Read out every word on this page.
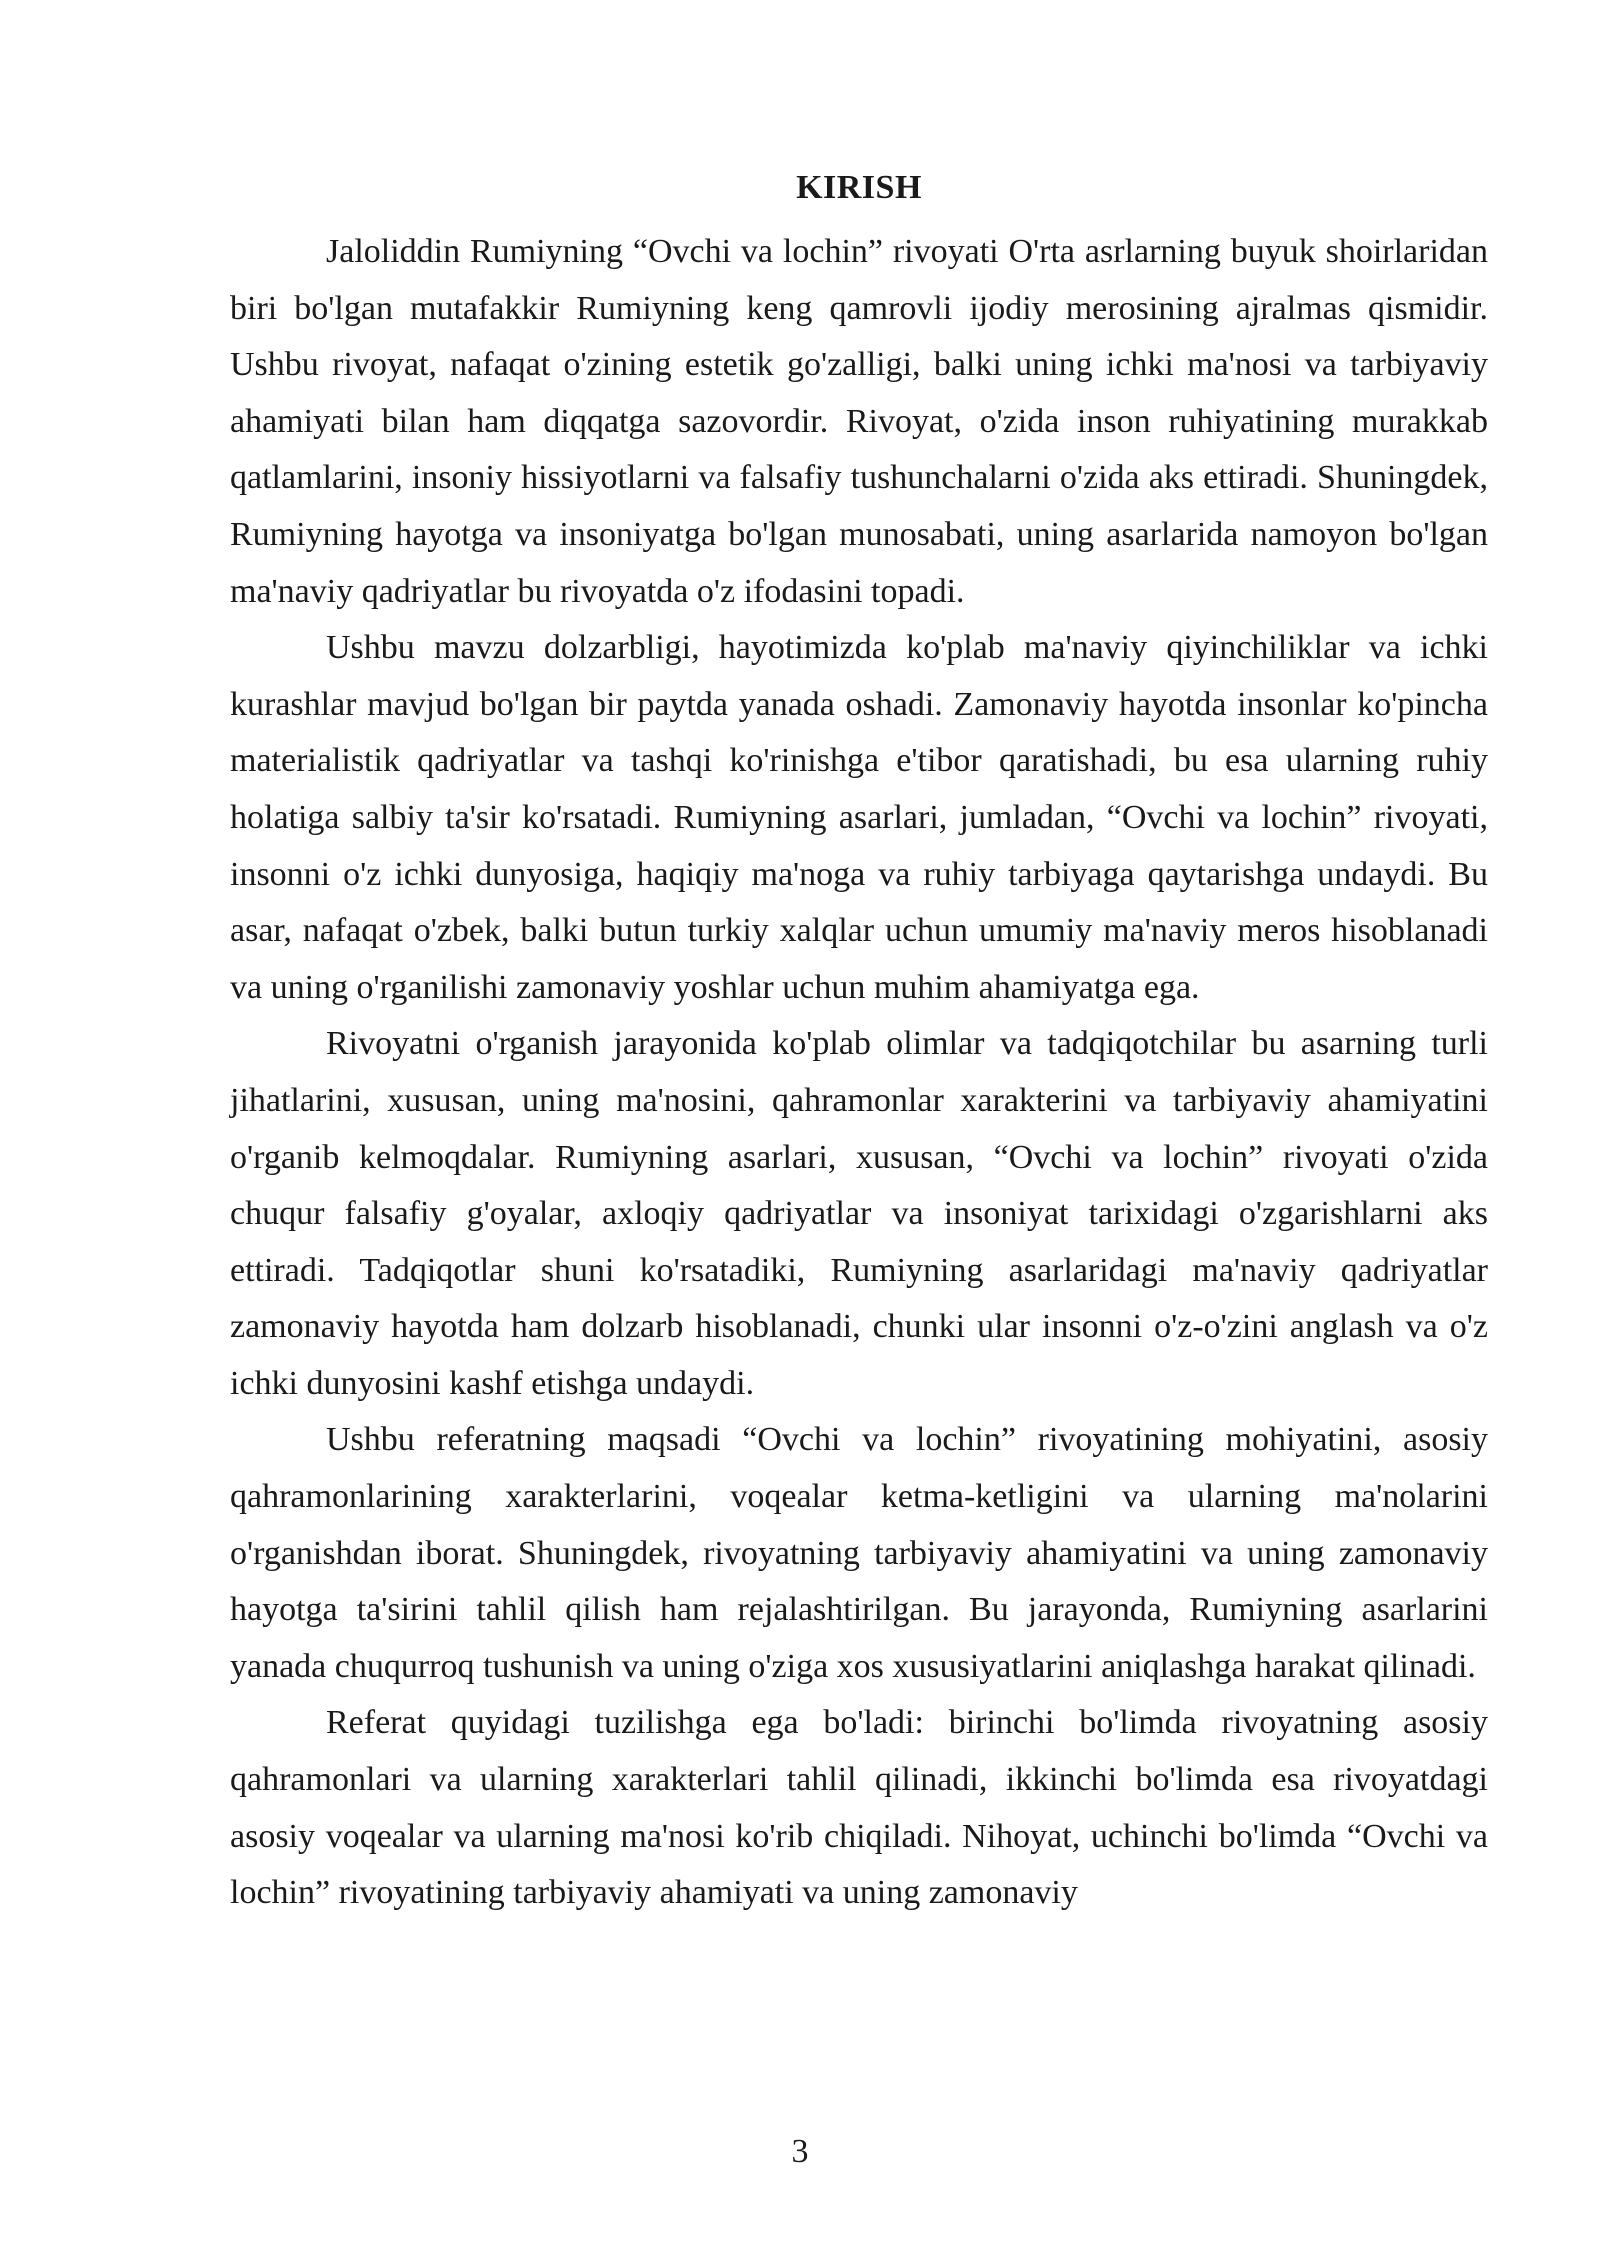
KIRISH

Jaloliddin Rumiyning “Ovchi va lochin” rivoyati O'rta asrlarning buyuk shoirlaridan biri bo'lgan mutafakkir Rumiyning keng qamrovli ijodiy merosining ajralmas qismidir. Ushbu rivoyat, nafaqat o'zining estetik go'zalligi, balki uning ichki ma'nosi va tarbiyaviy ahamiyati bilan ham diqqatga sazovordir. Rivoyat, o'zida inson ruhiyatining murakkab qatlamlarini, insoniy hissiyotlarni va falsafiy tushunchalarni o'zida aks ettiradi. Shuningdek, Rumiyning hayotga va insoniyatga bo'lgan munosabati, uning asarlarida namoyon bo'lgan ma'naviy qadriyatlar bu rivoyatda o'z ifodasini topadi.

Ushbu mavzu dolzarbligi, hayotimizda ko'plab ma'naviy qiyinchiliklar va ichki kurashlar mavjud bo'lgan bir paytda yanada oshadi. Zamonaviy hayotda insonlar ko'pincha materialistik qadriyatlar va tashqi ko'rinishga e'tibor qaratishadi, bu esa ularning ruhiy holatiga salbiy ta'sir ko'rsatadi. Rumiyning asarlari, jumladan, “Ovchi va lochin” rivoyati, insonni o'z ichki dunyosiga, haqiqiy ma'noga va ruhiy tarbiyaga qaytarishga undaydi. Bu asar, nafaqat o'zbek, balki butun turkiy xalqlar uchun umumiy ma'naviy meros hisoblanadi va uning o'rganilishi zamonaviy yoshlar uchun muhim ahamiyatga ega.

Rivoyatni o'rganish jarayonida ko'plab olimlar va tadqiqotchilar bu asarning turli jihatlarini, xususan, uning ma'nosini, qahramonlar xarakterini va tarbiyaviy ahamiyatini o'rganib kelmoqdalar. Rumiyning asarlari, xususan, “Ovchi va lochin” rivoyati o'zida chuqur falsafiy g'oyalar, axloqiy qadriyatlar va insoniyat tarixidagi o'zgarishlarni aks ettiradi. Tadqiqotlar shuni ko'rsatadiki, Rumiyning asarlaridagi ma'naviy qadriyatlar zamonaviy hayotda ham dolzarb hisoblanadi, chunki ular insonni o'z-o'zini anglash va o'z ichki dunyosini kashf etishga undaydi.

Ushbu referatning maqsadi “Ovchi va lochin” rivoyatining mohiyatini, asosiy qahramonlarining xarakterlarini, voqealar ketma-ketligini va ularning ma'nolarini o'rganishdan iborat. Shuningdek, rivoyatning tarbiyaviy ahamiyatini va uning zamonaviy hayotga ta'sirini tahlil qilish ham rejalashtirilgan. Bu jarayonda, Rumiyning asarlarini yanada chuqurroq tushunish va uning o'ziga xos xususiyatlarini aniqlashga harakat qilinadi.

Referat quyidagi tuzilishga ega bo'ladi: birinchi bo'limda rivoyatning asosiy qahramonlari va ularning xarakterlari tahlil qilinadi, ikkinchi bo'limda esa rivoyatdagi asosiy voqealar va ularning ma'nosi ko'rib chiqiladi. Nihoyat, uchinchi bo'limda “Ovchi va lochin” rivoyatining tarbiyaviy ahamiyati va uning zamonaviy

3
